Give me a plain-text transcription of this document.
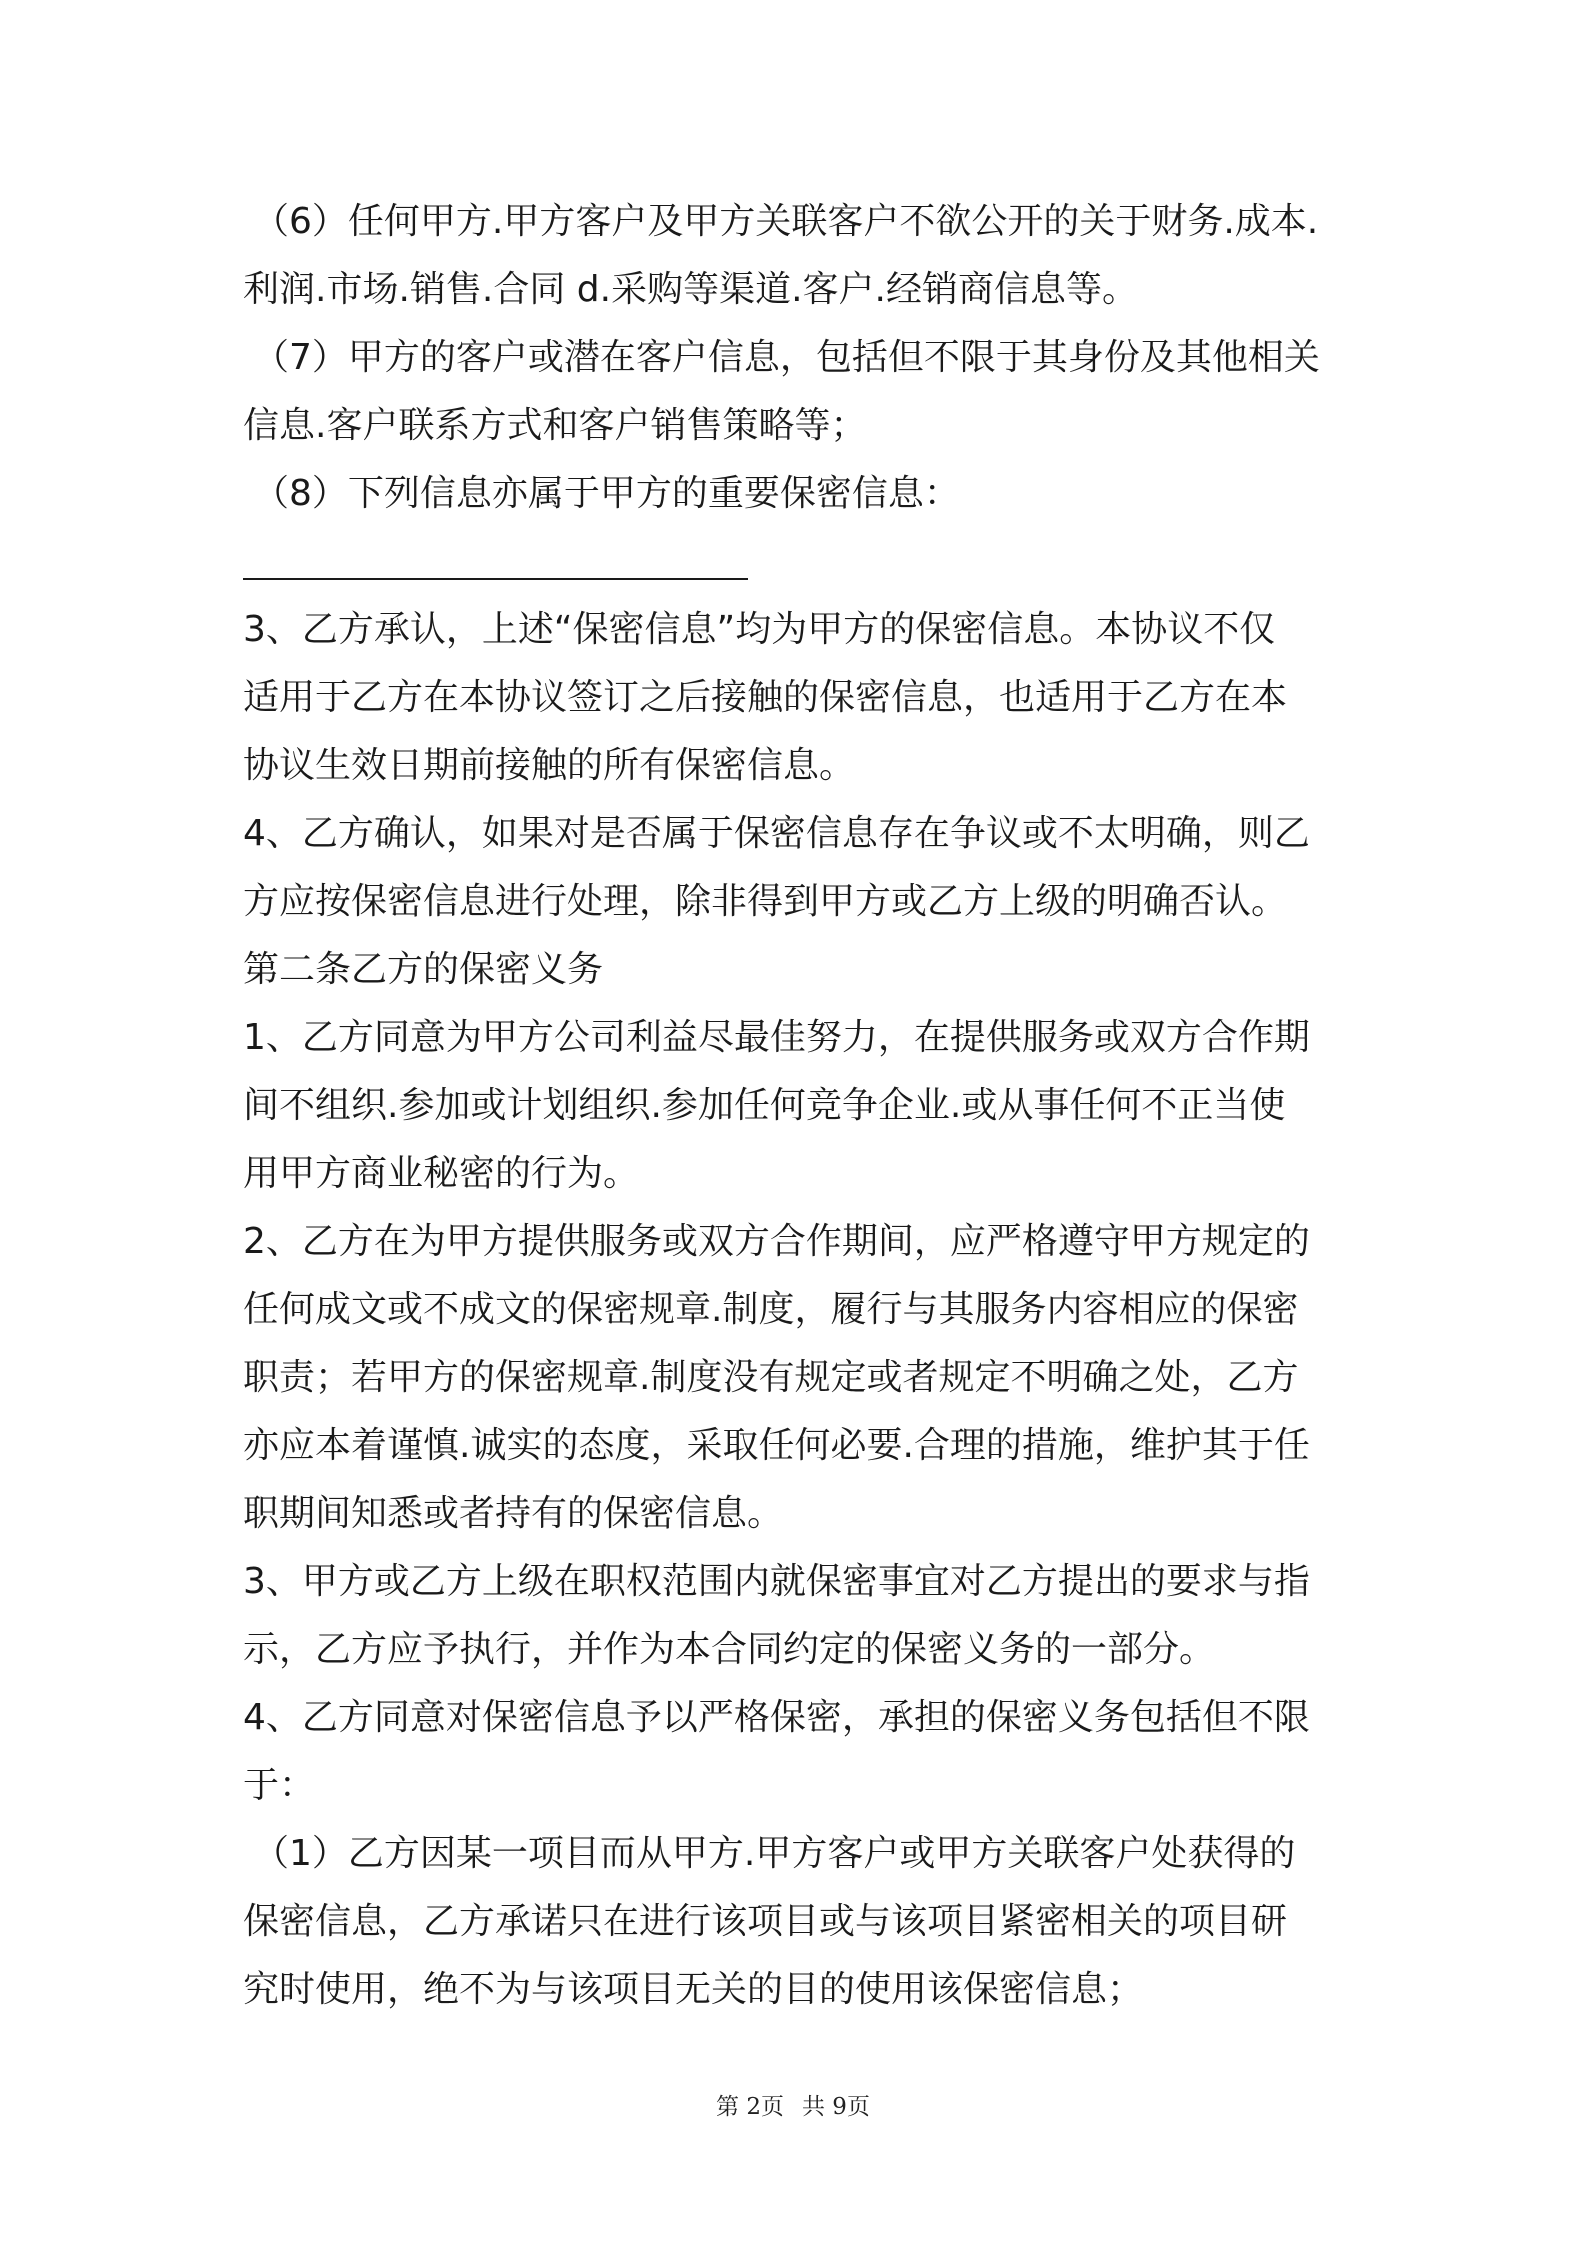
（6）任何甲方.甲方客户及甲方关联客户不欲公开的关于财务.成本.
利润.市场.销售.合同 d.采购等渠道.客户.经销商信息等。
（7）甲方的客户或潜在客户信息，包括但不限于其身份及其他相关
信息.客户联系方式和客户销售策略等；
（8）下列信息亦属于甲方的重要保密信息：
3、乙方承认，上述“保密信息”均为甲方的保密信息。本协议不仅
适用于乙方在本协议签订之后接触的保密信息，也适用于乙方在本
协议生效日期前接触的所有保密信息。
4、乙方确认，如果对是否属于保密信息存在争议或不太明确，则乙
方应按保密信息进行处理，除非得到甲方或乙方上级的明确否认。
第二条乙方的保密义务
1、乙方同意为甲方公司利益尽最佳努力，在提供服务或双方合作期
间不组织.参加或计划组织.参加任何竞争企业.或从事任何不正当使
用甲方商业秘密的行为。
2、乙方在为甲方提供服务或双方合作期间，应严格遵守甲方规定的
任何成文或不成文的保密规章.制度，履行与其服务内容相应的保密
职责；若甲方的保密规章.制度没有规定或者规定不明确之处，乙方
亦应本着谨慎.诚实的态度，采取任何必要.合理的措施，维护其于任
职期间知悉或者持有的保密信息。
3、甲方或乙方上级在职权范围内就保密事宜对乙方提出的要求与指
示，乙方应予执行，并作为本合同约定的保密义务的一部分。
4、乙方同意对保密信息予以严格保密，承担的保密义务包括但不限
于：
（1）乙方因某一项目而从甲方.甲方客户或甲方关联客户处获得的
保密信息，乙方承诺只在进行该项目或与该项目紧密相关的项目研
究时使用，绝不为与该项目无关的目的使用该保密信息；
第 2页 共 9页
